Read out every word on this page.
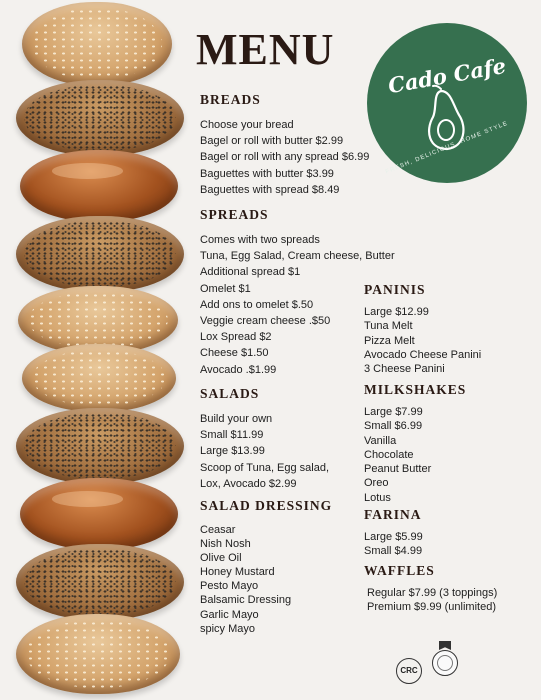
MENU
Cado Cafe
FRESH, DELICIOUS, HOME STYLE
BREADS
Choose your bread
Bagel or roll with butter $2.99
Bagel or roll with any spread $6.99
Baguettes with butter $3.99
Baguettes with spread $8.49
SPREADS
Comes with two spreads
Tuna, Egg Salad, Cream cheese, Butter
Additional spread $1
Omelet $1
Add ons to omelet $.50
Veggie cream cheese .$50
Lox Spread $2
Cheese $1.50
Avocado .$1.99
SALADS
Build your own
Small $11.99
Large $13.99
Scoop of Tuna, Egg salad,
Lox, Avocado $2.99
SALAD DRESSING
Ceasar
Nish Nosh
Olive Oil
Honey Mustard
Pesto Mayo
Balsamic Dressing
Garlic Mayo
spicy Mayo
PANINIS
Large $12.99
Tuna Melt
Pizza Melt
Avocado Cheese Panini
3 Cheese Panini
MILKSHAKES
Large $7.99
Small $6.99
Vanilla
Chocolate
Peanut Butter
Oreo
Lotus
FARINA
Large $5.99
Small $4.99
WAFFLES
Regular $7.99 (3 toppings)
Premium $9.99 (unlimited)
CRC
